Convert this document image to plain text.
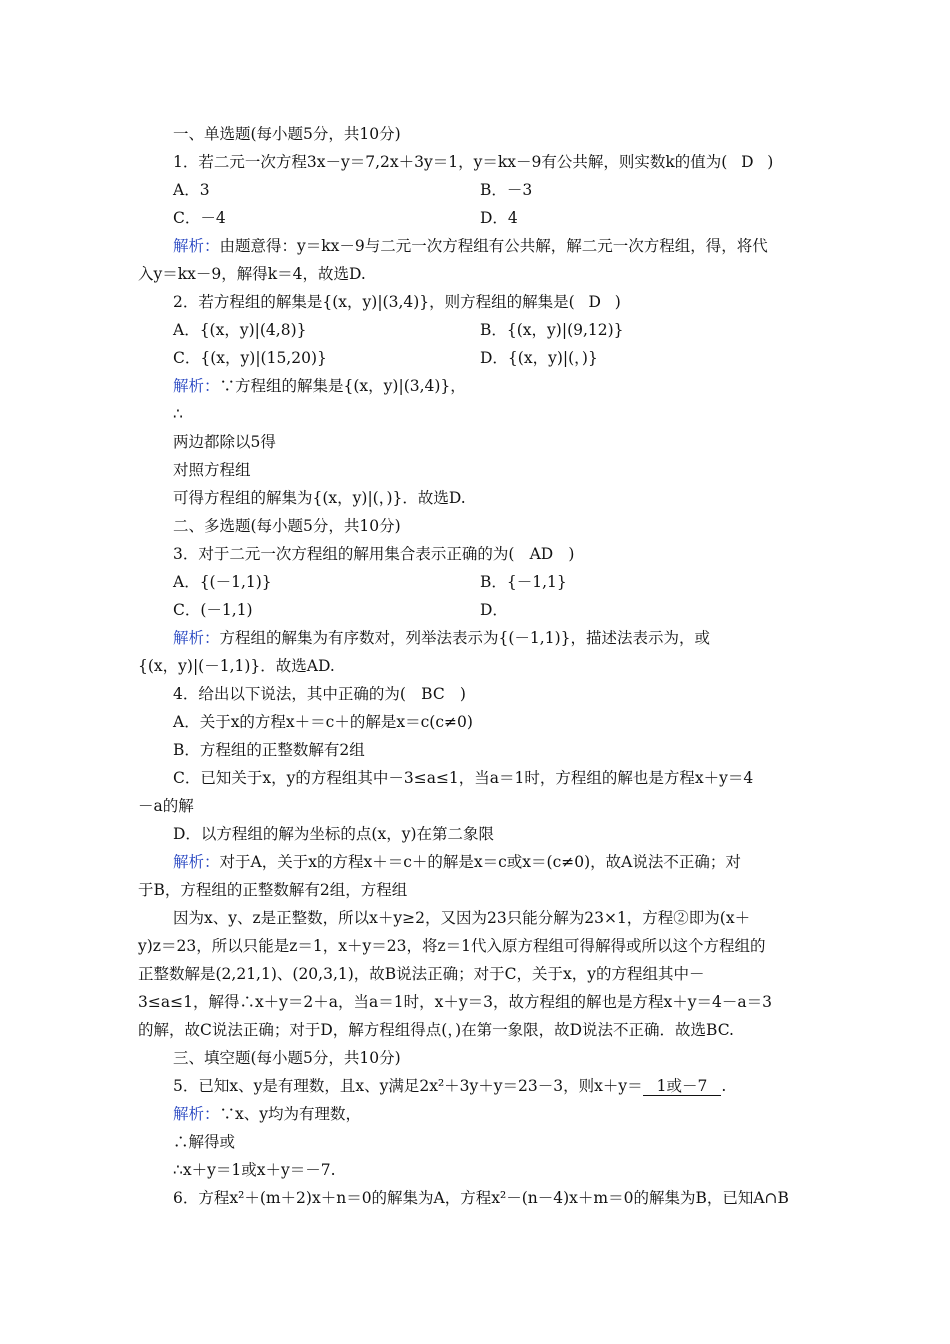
一、单选题(每小题5分，共10分)
1．若二元一次方程3x－y＝7,2x＋3y＝1，y＝kx－9有公共解，则实数k的值为( D )
A．3	B．－3
C．－4	D．4
解析：由题意得：y＝kx－9与二元一次方程组有公共解，解二元一次方程组，得，将代
入y＝kx－9，解得k＝4，故选D.
2．若方程组的解集是{(x，y)|(3,4)}，则方程组的解集是( D )
A．{(x，y)|(4,8)}	B．{(x，y)|(9,12)}
C．{(x，y)|(15,20)}	D．{(x，y)|(，)}
解析：∵方程组的解集是{(x，y)|(3,4)}，
∴
两边都除以5得
对照方程组
可得方程组的解集为{(x，y)|(，)}．故选D.
二、多选题(每小题5分，共10分)
3．对于二元一次方程组的解用集合表示正确的为( AD )
A．{(－1,1)}	B．{－1,1}
C．(－1,1)	D．
解析：方程组的解集为有序数对，列举法表示为{(－1,1)}，描述法表示为，或
{(x，y)|(－1,1)}．故选AD.
4．给出以下说法，其中正确的为( BC )
A．关于x的方程x＋＝c＋的解是x＝c(c≠0)
B．方程组的正整数解有2组
C．已知关于x，y的方程组其中－3≤a≤1，当a＝1时，方程组的解也是方程x＋y＝4
－a的解
D．以方程组的解为坐标的点(x，y)在第二象限
解析：对于A，关于x的方程x＋＝c＋的解是x＝c或x＝(c≠0)，故A说法不正确；对
于B，方程组的正整数解有2组，方程组
因为x、y、z是正整数，所以x＋y≥2，又因为23只能分解为23×1，方程②即为(x＋
y)z＝23，所以只能是z＝1，x＋y＝23，将z＝1代入原方程组可得解得或所以这个方程组的
正整数解是(2,21,1)、(20,3,1)，故B说法正确；对于C，关于x，y的方程组其中－
3≤a≤1，解得∴x＋y＝2＋a，当a＝1时，x＋y＝3，故方程组的解也是方程x＋y＝4－a＝3
的解，故C说法正确；对于D，解方程组得点(，)在第一象限，故D说法不正确．故选BC.
三、填空题(每小题5分，共10分)
5．已知x、y是有理数，且x、y满足2x²＋3y＋y＝23－3，则x＋y＝ 1或－7 .
解析：∵x、y均为有理数，
∴解得或
∴x＋y＝1或x＋y＝－7.
6．方程x²＋(m＋2)x＋n＝0的解集为A，方程x²－(n－4)x＋m＝0的解集为B，已知A∩B
